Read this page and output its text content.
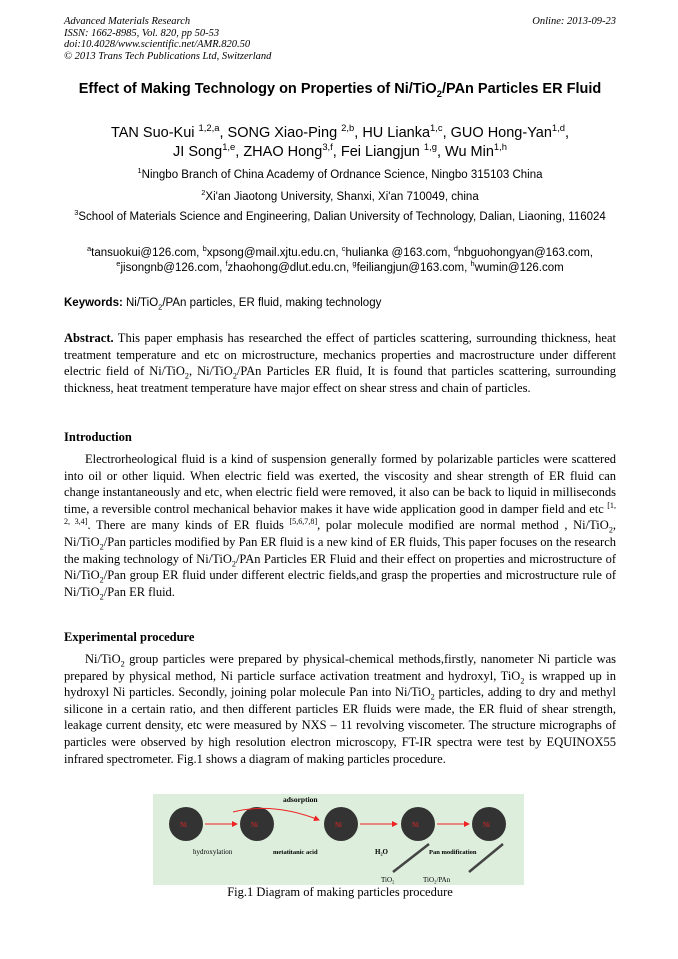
Advanced Materials Research
ISSN: 1662-8985, Vol. 820, pp 50-53
doi:10.4028/www.scientific.net/AMR.820.50
© 2013 Trans Tech Publications Ltd, Switzerland
Online: 2013-09-23
Effect of Making Technology on Properties of Ni/TiO$_2$/PAn Particles ER Fluid
TAN Suo-Kui $^{1,2,a}$, SONG Xiao-Ping $^{2,b}$, HU Lianka$^{1,c}$, GUO Hong-Yan$^{1,d}$,
JI Song$^{1,e}$, ZHAO Hong$^{3,f}$, Fei Liangjun $^{1,g}$, Wu Min$^{1,h}$
$^1$Ningbo Branch of China Academy of Ordnance Science, Ningbo 315103 China
$^2$Xi'an Jiaotong University, Shanxi, Xi'an 710049, china
$^3$School of Materials Science and Engineering, Dalian University of Technology, Dalian, Liaoning, 116024
$^a$tansuokui@126.com, $^b$xpsong@mail.xjtu.edu.cn, $^c$hulianka @163.com, $^d$nbguohongyan@163.com,
$^e$jisongnb@126.com, $^f$zhaohong@dlut.edu.cn, $^g$feiliangjun@163.com, $^h$wumin@126.com
Keywords: Ni/TiO$_2$/PAn particles, ER fluid, making technology
Abstract. This paper emphasis has researched the effect of particles scattering, surrounding thickness, heat treatment temperature and etc on microstructure, mechanics properties and macrostructure under different electric field of Ni/TiO$_2$, Ni/TiO$_2$/PAn Particles ER fluid, It is found that particles scattering, surrounding thickness, heat treatment temperature have major effect on shear stress and chain of particles.
Introduction
Electrorheological fluid is a kind of suspension generally formed by polarizable particles were scattered into oil or other liquid. When electric field was exerted, the viscosity and shear strength of ER fluid can change instantaneously and etc, when electric field were removed, it also can be back to liquid in milliseconds time, a reversible control mechanical behavior makes it have wide application good in damper field and etc [1, 2, 3,4]. There are many kinds of ER fluids [5,6,7,8], polar molecule modified are normal method , Ni/TiO$_2$, Ni/TiO$_2$/Pan particles modified by Pan ER fluid is a new kind of ER fluids, This paper focuses on the research the making technology of Ni/TiO$_2$/PAn Particles ER Fluid and their effect on properties and microstructure of Ni/TiO$_2$/Pan group ER fluid under different electric fields,and grasp the properties and microstructure rule of Ni/TiO$_2$/Pan ER fluid.
Experimental procedure
Ni/TiO$_2$ group particles were prepared by physical-chemical methods,firstly, nanometer Ni particle was prepared by physical method, Ni particle surface activation treatment and hydroxyl, TiO$_2$ is wrapped up in hydroxyl Ni particles. Secondly, joining polar molecule Pan into Ni/TiO$_2$ particles, adding to dry and methyl silicone in a certain ratio, and then different particles ER fluids were made, the ER fluid of shear strength, leakage current density, etc were measured by NXS – 11 revolving viscometer. The structure micrographs of particles were observed by high resolution electron microscopy, FT-IR spectra were test by EQUINOX55 infrared spectrometer. Fig.1 shows a diagram of making particles procedure.
Ni	Ni	Ni	Ni	Ni
adsorption
hydroxylation	metatitanic acid	H₂O	Pan modification
TiO₂	TiO₂/PAn
Fig.1 Diagram of making particles procedure
